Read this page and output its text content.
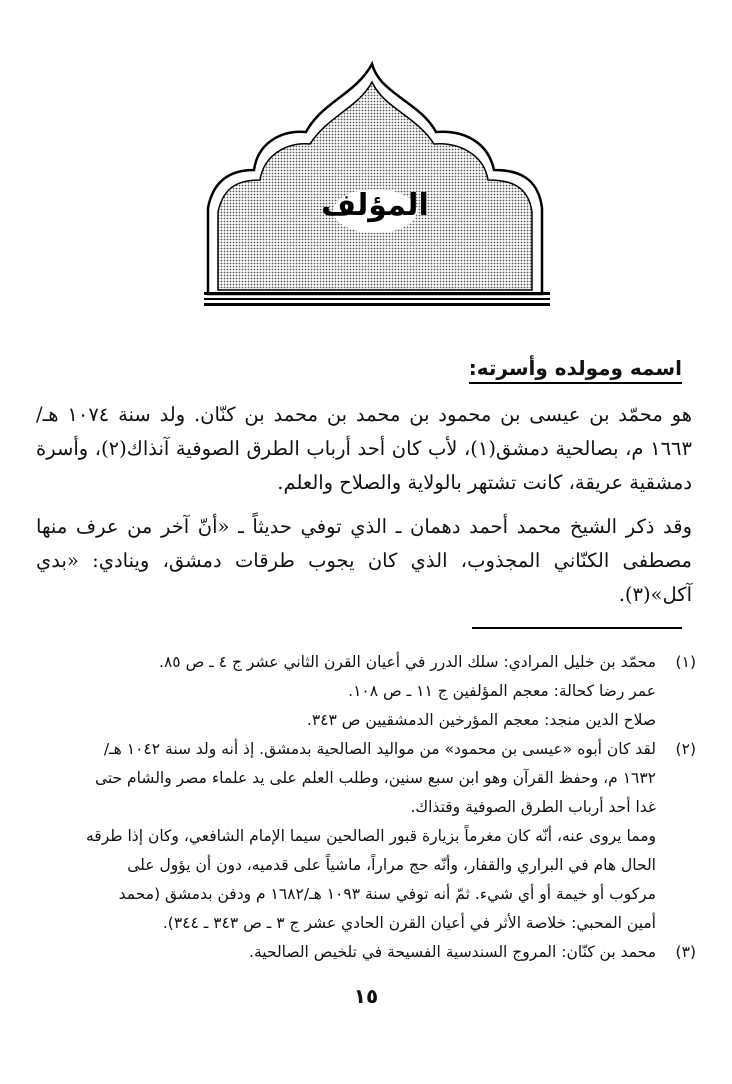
المؤلف
اسمه ومولده وأسرته:

هو محمّد بن عيسى بن محمود بن محمد بن محمد بن كنّان. ولد سنة ١٠٧٤ هـ/ ١٦٦٣ م، بصالحية دمشق(١)، لأب كان أحد أرباب الطرق الصوفية آنذاك(٢)، وأسرة دمشقية عريقة، كانت تشتهر بالولاية والصلاح والعلم.

وقد ذكر الشيخ محمد أحمد دهمان ـ الذي توفي حديثاً ـ «أنّ آخر من عرف منها مصطفى الكنّاني المجذوب، الذي كان يجوب طرقات دمشق، وينادي: «بدي آكل»(٣).

(١)
محمّد بن خليل المرادي: سلك الدرر في أعيان القرن الثاني عشر ج ٤ ـ ص ٨٥.
عمر رضا كحالة: معجم المؤلفين ج ١١ ـ ص ١٠٨.
صلاح الدين منجد: معجم المؤرخين الدمشقيين ص ٣٤٣.
(٢)
لقد كان أبوه «عيسى بن محمود» من مواليد الصالحية بدمشق. إذ أنه ولد سنة ١٠٤٢ هـ/
١٦٣٢ م، وحفظ القرآن وهو ابن سبع سنين، وطلب العلم على يد علماء مصر والشام حتى
غدا أحد أرباب الطرق الصوفية وقتذاك.
ومما يروى عنه، أنّه كان مغرماً بزيارة قبور الصالحين سيما الإمام الشافعي، وكان إذا طرقه
الحال هام في البراري والقفار، وأنّه حج مراراً، ماشياً على قدميه، دون أن يؤول على
مركوب أو خيمة أو أي شيء. ثمّ أنه توفي سنة ١٠٩٣ هـ/١٦٨٢ م ودفن بدمشق (محمد
أمين المحبي: خلاصة الأثر في أعيان القرن الحادي عشر ج ٣ ـ ص ٣٤٣ ـ ٣٤٤).
(٣)
محمد بن كنّان: المروج السندسية الفسيحة في تلخيص الصالحية.
١٥
